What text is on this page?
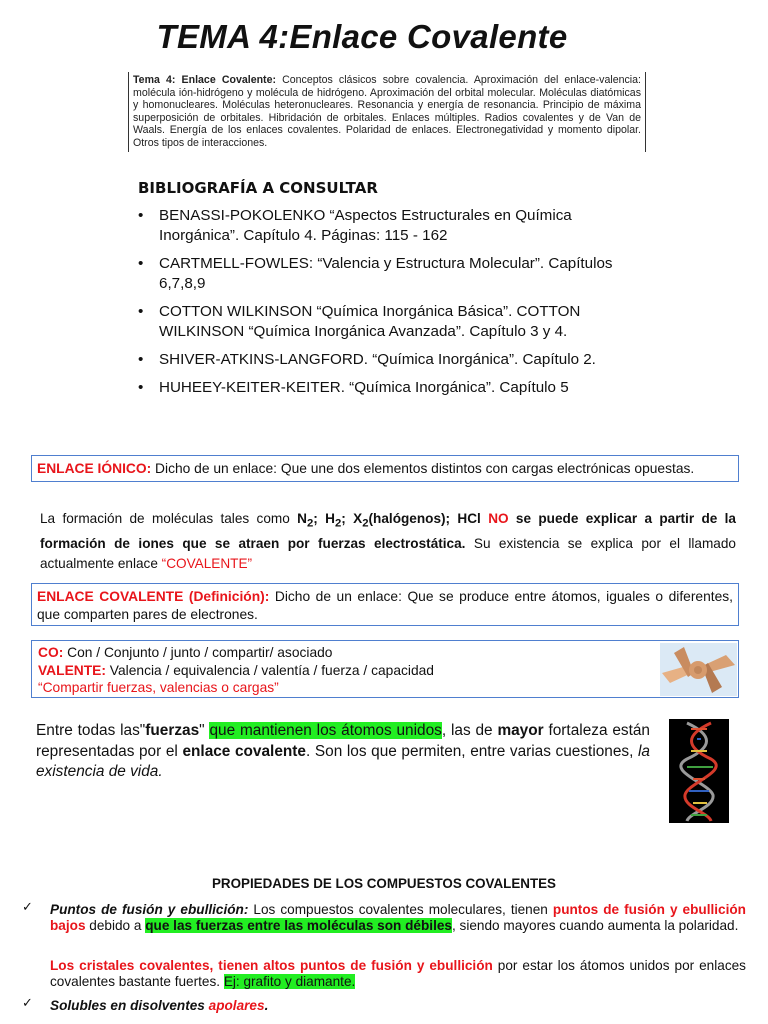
TEMA 4:Enlace Covalente
Tema 4: Enlace Covalente: Conceptos clásicos sobre covalencia. Aproximación del enlace-valencia: molécula ión-hidrógeno y molécula de hidrógeno. Aproximación del orbital molecular. Moléculas diatómicas y homonucleares. Moléculas heteronucleares. Resonancia y energía de resonancia. Principio de máxima superposición de orbitales. Hibridación de orbitales. Enlaces múltiples. Radios covalentes y de Van de Waals. Energía de los enlaces covalentes. Polaridad de enlaces. Electronegatividad y momento dipolar. Otros tipos de interacciones.
BIBLIOGRAFÍA A CONSULTAR
• BENASSI-POKOLENKO “Aspectos Estructurales en Química Inorgánica”. Capítulo 4. Páginas: 115 - 162
• CARTMELL-FOWLES: “Valencia y Estructura Molecular”. Capítulos 6,7,8,9
• COTTON WILKINSON “Química Inorgánica Básica”. COTTON WILKINSON “Química Inorgánica Avanzada”. Capítulo 3 y 4.
• SHIVER-ATKINS-LANGFORD. “Química Inorgánica”. Capítulo 2.
• HUHEEY-KEITER-KEITER. “Química Inorgánica”. Capítulo 5
ENLACE IÓNICO: Dicho de un enlace: Que une dos elementos distintos con cargas electrónicas opuestas.
La formación de moléculas tales como $N_2$; $H_2$; $X_2(halógenos)$; HCl NO se puede explicar a partir de la formación de iones que se atraen por fuerzas electrostática. Su existencia se explica por el llamado actualmente enlace “COVALENTE”
ENLACE COVALENTE (Definición): Dicho de un enlace: Que se produce entre átomos, iguales o diferentes, que comparten pares de electrones.
CO: Con / Conjunto / junto / compartir/ asociado
VALENTE: Valencia / equivalencia / valentía / fuerza / capacidad
“Compartir fuerzas, valencias o cargas”
Entre todas las"fuerzas" que mantienen los átomos unidos, las de mayor fortaleza están representadas por el enlace covalente. Son los que permiten, entre varias cuestiones, la existencia de vida.
PROPIEDADES DE LOS COMPUESTOS COVALENTES
✓ Puntos de fusión y ebullición: Los compuestos covalentes moleculares, tienen puntos de fusión y ebullición bajos debido a que las fuerzas entre las moléculas son débiles, siendo mayores cuando aumenta la polaridad.
Los cristales covalentes, tienen altos puntos de fusión y ebullición por estar los átomos unidos por enlaces covalentes bastante fuertes. Ej: grafito y diamante.
✓ Solubles en disolventes apolares.
